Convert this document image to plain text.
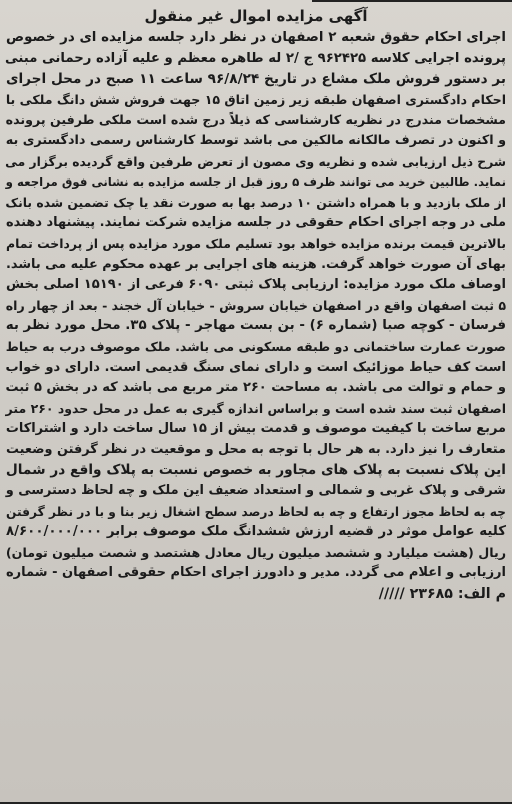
آگهی مزایده اموال غیر منقول
اجرای احکام حقوق شعبه ۲ اصفهان در نظر دارد جلسه مزایده ای در خصوص
پرونده اجرایی کلاسه ۹۶۲۴۲۵ ج /۲ له طاهره معظم و علیه آزاده رحمانی مبنی
بر دستور فروش ملک مشاع در تاریخ ۹۶/۸/۲۴ ساعت ۱۱ صبح در محل اجرای
احکام دادگستری اصفهان طبقه زیر زمین اتاق ۱۵ جهت فروش شش دانگ ملکی با
مشخصات مندرج در نظریه کارشناسی که ذیلاً درج شده است ملکی طرفین پرونده
و اکنون در تصرف مالکانه مالکین می باشد توسط کارشناس رسمی دادگستری به
شرح ذیل ارزیابی شده و نظریه وی مصون از تعرض طرفین واقع گردیده برگزار می
نماید. طالبین خرید می توانند ظرف ۵ روز قبل از جلسه مزایده به نشانی فوق مراجعه و
از ملک بازدید و با همراه داشتن ۱۰ درصد بها به صورت نقد یا چک تضمین شده بانک
ملی در وجه اجرای احکام حقوقی در جلسه مزایده شرکت نمایند. پیشنهاد دهنده
بالاترین قیمت برنده مزایده خواهد بود تسلیم ملک مورد مزایده پس از پرداخت تمام
بهای آن صورت خواهد گرفت. هزینه های اجرایی بر عهده محکوم علیه می باشد.
اوصاف ملک مورد مزایده: ارزیابی پلاک ثبتی ۶۰۹۰ فرعی از ۱۵۱۹۰ اصلی بخش
۵ ثبت اصفهان واقع در اصفهان خیابان سروش - خیابان آل خجند - بعد از چهار راه
فرسان - کوچه صبا (شماره ۶) - بن بست مهاجر - پلاک ۳۵. محل مورد نظر به
صورت عمارت ساختمانی دو طبقه مسکونی می باشد. ملک موصوف درب به حیاط
است کف حیاط موزائیک است و دارای نمای سنگ قدیمی است. دارای دو خواب
و حمام و توالت می باشد. به مساحت ۲۶۰ متر مربع می باشد که در بخش ۵ ثبت
اصفهان ثبت سند شده است و براساس اندازه گیری به عمل در محل حدود ۲۶۰ متر
مربع ساخت با کیفیت موصوف و قدمت بیش از ۱۵ سال ساخت دارد و اشتراکات
متعارف را نیز دارد. به هر حال با توجه به محل و موقعیت در نظر گرفتن وضعیت
این پلاک نسبت به پلاک های مجاور به خصوص نسبت به پلاک واقع در شمال
شرقی و پلاک غربی و شمالی و استعداد ضعیف این ملک و چه لحاظ دسترسی و
چه به لحاظ مجوز ارتفاع و چه به لحاظ درصد سطح اشغال زیر بنا و با در نظر گرفتن
کلیه عوامل موثر در قضیه ارزش ششدانگ ملک موصوف برابر ۸/۶۰۰/۰۰۰/۰۰۰
ریال (هشت میلیارد و ششصد میلیون ریال معادل هشتصد و شصت میلیون تومان)
ارزیابی و اعلام می گردد. مدیر و دادورز اجرای احکام حقوقی اصفهان - شماره
م الف: ۲۳۶۸۵ /////
